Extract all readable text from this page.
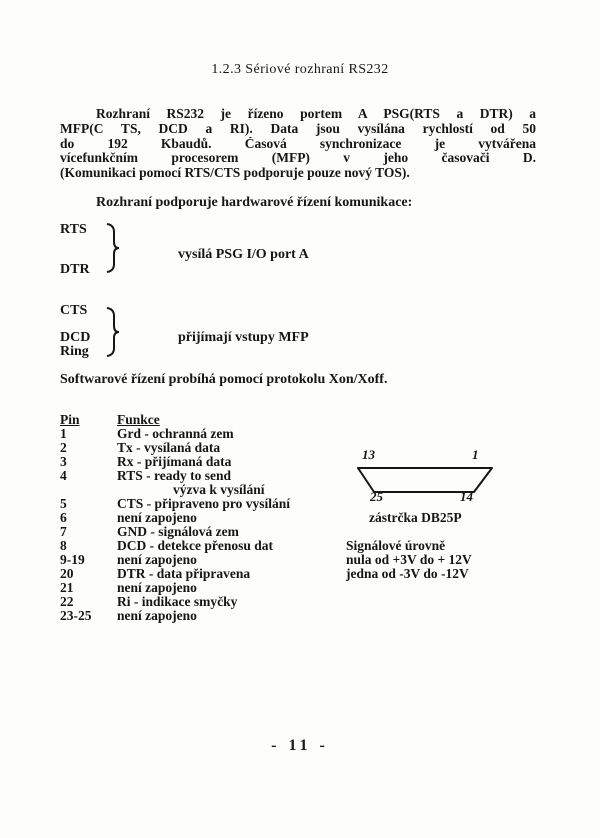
1.2.3 Sériové rozhraní RS232
Rozhraní RS232 je řízeno portem A PSG(RTS a DTR) a
MFP(C TS, DCD a RI). Data jsou vysílána rychlostí od 50
do 192 Kbaudů. Časová synchronizace je vytvářena
vícefunkčním procesorem (MFP) v jeho časovači D.
(Komunikaci pomocí RTS/CTS podporuje pouze nový TOS).
Rozhraní podporuje hardwarové řízení komunikace:
RTS
DTR
vysílá PSG I/O port A
CTS
DCD
Ring
přijímají vstupy MFP
Softwarové řízení probíhá pomocí protokolu Xon/Xoff.
Pin	Funkce
1	Grd - ochranná zem
2	Tx - vysílaná data
3	Rx - přijímaná data
4	RTS - ready to send
výzva k vysílání
5	CTS - připraveno pro vysílání
6	není zapojeno
7	GND - signálová zem
8	DCD - detekce přenosu dat
9-19 není zapojeno
20	DTR - data připravena
21	není zapojeno
22	Ri - indikace smyčky
23-25 není zapojeno
13	1
25	14
zástrčka DB25P
Signálové úrovně
nula od +3V do + 12V
jedna od -3V do -12V
- 11 -
